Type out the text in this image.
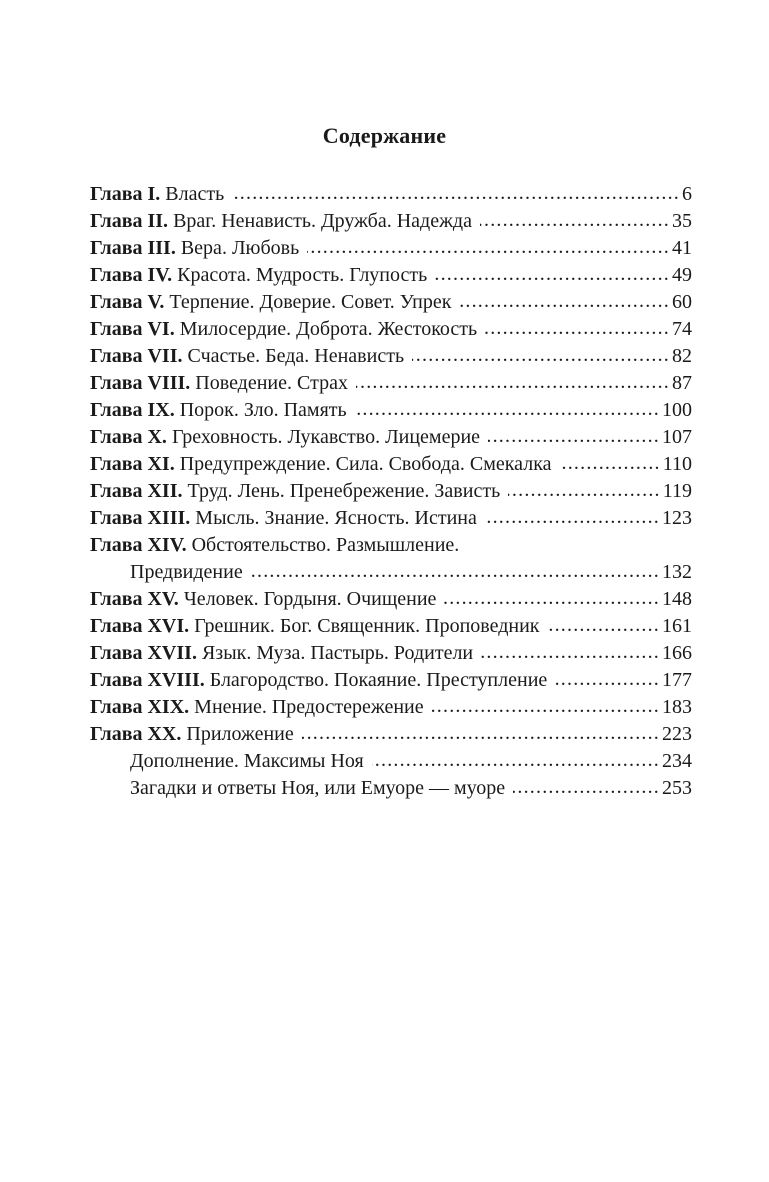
Содержание
Глава I. Власть .....	6
Глава II. Враг. Ненависть. Дружба. Надежда .....	35
Глава III. Вера. Любовь .....	41
Глава IV. Красота. Мудрость. Глупость .....	49
Глава V. Терпение. Доверие. Совет. Упрек .....	60
Глава VI. Милосердие. Доброта. Жестокость .....	74
Глава VII. Счастье. Беда. Ненависть .....	82
Глава VIII. Поведение. Страх .....	87
Глава IX. Порок. Зло. Память .....	100
Глава X. Греховность. Лукавство. Лицемерие .....	107
Глава XI. Предупреждение. Сила. Свобода. Смекалка .....	110
Глава XII. Труд. Лень. Пренебрежение. Зависть .....	119
Глава XIII. Мысль. Знание. Ясность. Истина .....	123
Глава XIV. Обстоятельство. Размышление.
Предвидение .....	132
Глава XV. Человек. Гордыня. Очищение .....	148
Глава XVI. Грешник. Бог. Священник. Проповедник .....	161
Глава XVII. Язык. Муза. Пастырь. Родители .....	166
Глава XVIII. Благородство. Покаяние. Преступление .....	177
Глава XIX. Мнение. Предостережение .....	183
Глава XX. Приложение .....	223
Дополнение. Максимы Ноя .....	234
Загадки и ответы Ноя, или Емуоре — муоре .....	253
